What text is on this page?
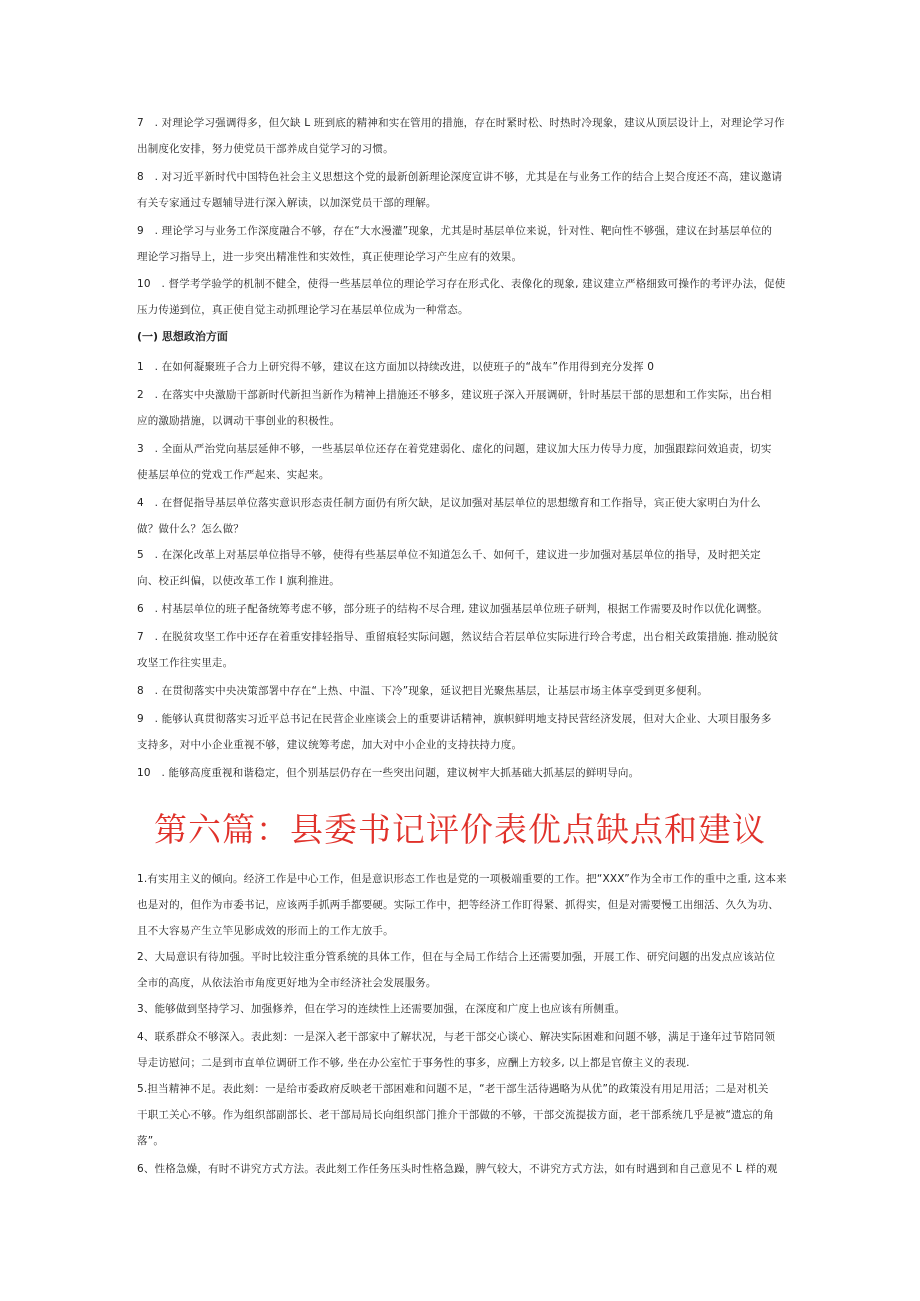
7　. 对理论学习强调得多，但欠缺 L 班到底的精神和实在管用的措施，存在时紧时松、时热时冷现象，建议从顶层设计上，对理论学习作

出制度化安排，努力使党员干部养成自觉学习的习惯。

8　. 对习近平新时代中国特色社会主义思想这个党的最新创新理论深度宣讲不够，尤其是在与业务工作的结合上契合度还不高，建议邀请

有关专家通过专题辅导进行深入解读，以加深党员干部的理解。

9　. 理论学习与业务工作深度融合不够，存在“大水漫灌”现象，尤其是时基层单位来说，针对性、靶向性不够强，建议在封基层单位的

理论学习指导上，进一步突出精准性和实效性，真正使理论学习产生应有的效果。

10　. 督学考学验学的机制不健全，使得一些基层单位的理论学习存在形式化、表像化的现象, 建议建立严格细致可操作的考评办法，促使

压力传递到位，真正使自觉主动抓理论学习在基层单位成为一种常态。

(一) 思想政治方面

1　. 在如何凝聚班子合力上研究得不够，建议在这方面加以持续改进，以使班子的“战车”作用得到充分发挥 0

2　. 在落实中央激励干部新时代新担当新作为精神上措施还不够多，建议班子深入开展调研，针时基层干部的思想和工作实际，出台相

应的激励措施，以调动干事创业的积极性。

3　. 全面从严治党向基层延伸不够，一些基层单位还存在着党建弱化、虚化的问题，建议加大压力传导力度，加强跟踪问效追责，切实

使基层单位的党戏工作严起来、实起来。

4　. 在督促指导基层单位落实意识形态责任制方面仍有所欠缺，足议加强对基层单位的思想缴育和工作指导，宾正使大家明白为什么

做？做什么？怎么做？

5　. 在深化改革上对基层单位指导不够，使得有些基层单位不知道怎么千、如何千，建议进一步加强对基层单位的指导，及时把关定

向、校正纠偏，以使改革工作 I 旗利推进。

6　. 村基层单位的班子配备统筹考虑不够，部分班子的结构不尽合理, 建议加强基层单位班子研判，根据工作需要及时作以优化调整。

7　. 在脱贫攻坚工作中还存在着重安排轻指导、重留痕轻实际问题，然议结合若层单位实际进行玲合考虑，出台相关政策措施. 推动脱贫

攻坚工作往实里走。

8　. 在贯彻落实中央决策部署中存在“上热、中温、下冷”现象，延议把目光聚焦基层，让基层市场主体享受到更多便利。

9　. 能够认真贯彻落实习近平总书记在民营企业座谈会上的重要讲话精神，旗帜鲜明地支持民营经济发展，但对大企业、大项目服务多

支持多，对中小企业重视不够，建议统筹考虑，加大对中小企业的支持扶持力度。

10　. 能够高度重视和谐稳定，但个别基层仍存在一些突出问题，建议树牢大抓基础大抓基层的鲜明导向。

第六篇：县委书记评价表优点缺点和建议

1.有实用主义的倾向。经济工作是中心工作，但是意识形态工作也是党的一项极端重要的工作。把“XXX”作为全市工作的重中之重, 这本来

也是对的，但作为市委书记，应该两手抓两手都要硬。实际工作中，把等经济工作盯得紧、抓得实，但是对需要慢工出细活、久久为功、

且不大容易产生立竿见影成效的形而上的工作尢放手。

2、大局意识有待加强。平时比较注重分管系统的具体工作，但在与全局工作结合上还需要加强，开展工作、研究问题的出发点应该站位

全市的高度，从依法治市角度更好地为全市经济社会发展服务。

3、能够做到坚持学习、加强修养，但在学习的连续性上还需要加强，在深度和广度上也应该有所侧重。

4、联系群众不够深入。表此刻：一是深入老干部家中了解状况，与老干部交心谈心、解决实际困难和问题不够，满足于逢年过节陪同领

导走访慰问；二是到市直单位调研工作不够, 坐在办公室忙于事务性的事多，应酬上方较多, 以上都是官僚主义的表现.

5.担当精神不足。表此刻：一是给市委政府反映老干部困难和问题不足，“老干部生活待遇略为从优”的政策没有用足用活；二是对机关

干职工关心不够。作为组织部副部长、老干部局局长向组织部门推介干部做的不够，干部交流提拔方面，老干部系统几乎是被“遗忘的角

落”。

6、性格急燥，有时不讲究方式方法。表此刻工作任务压头时性格急躁，脾气较大，不讲究方式方法，如有时遇到和自己意见不 L 样的观
